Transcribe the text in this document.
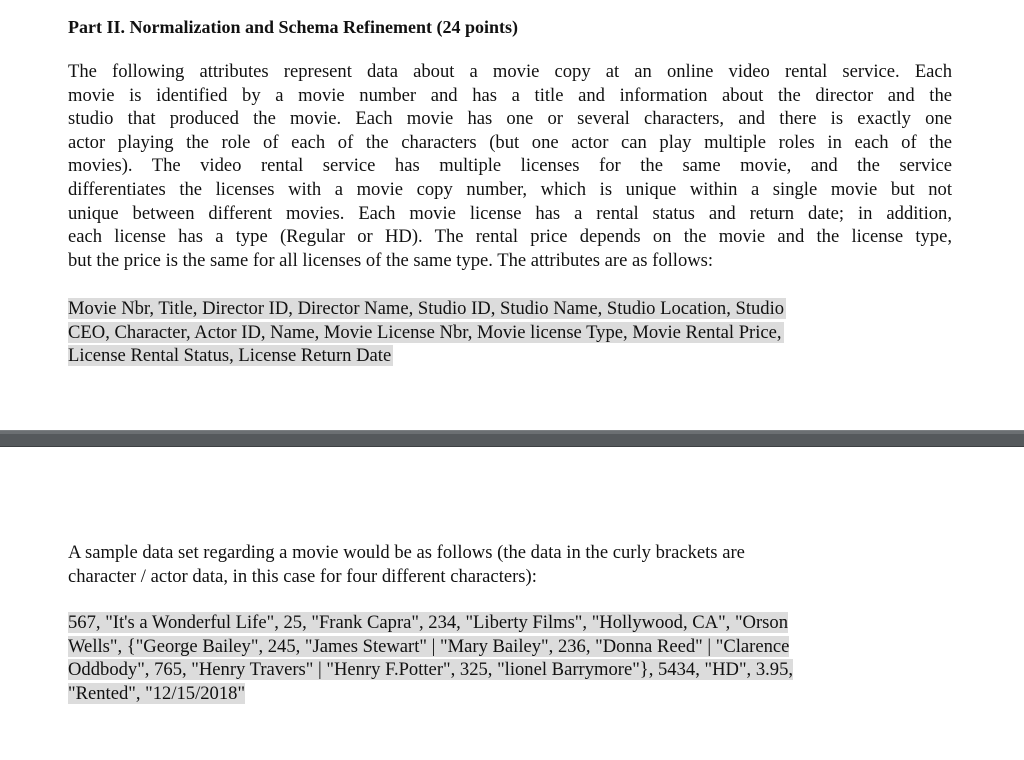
Part II. Normalization and Schema Refinement (24 points)
The following attributes represent data about a movie copy at an online video rental service. Each
movie is identified by a movie number and has a title and information about the director and the
studio that produced the movie. Each movie has one or several characters, and there is exactly one
actor playing the role of each of the characters (but one actor can play multiple roles in each of the
movies). The video rental service has multiple licenses for the same movie, and the service
differentiates the licenses with a movie copy number, which is unique within a single movie but not
unique between different movies. Each movie license has a rental status and return date; in addition,
each license has a type (Regular or HD). The rental price depends on the movie and the license type,
but the price is the same for all licenses of the same type. The attributes are as follows:
Movie Nbr, Title, Director ID, Director Name, Studio ID, Studio Name, Studio Location, Studio
CEO, Character, Actor ID, Name, Movie License Nbr, Movie license Type, Movie Rental Price,
License Rental Status, License Return Date
A sample data set regarding a movie would be as follows (the data in the curly brackets are
character / actor data, in this case for four different characters):
567, "It's a Wonderful Life", 25, "Frank Capra", 234, "Liberty Films", "Hollywood, CA", "Orson
Wells", {"George Bailey", 245, "James Stewart" | "Mary Bailey", 236, "Donna Reed" | "Clarence
Oddbody", 765, "Henry Travers" | "Henry F.Potter", 325, "lionel Barrymore"}, 5434, "HD", 3.95,
"Rented", "12/15/2018"
